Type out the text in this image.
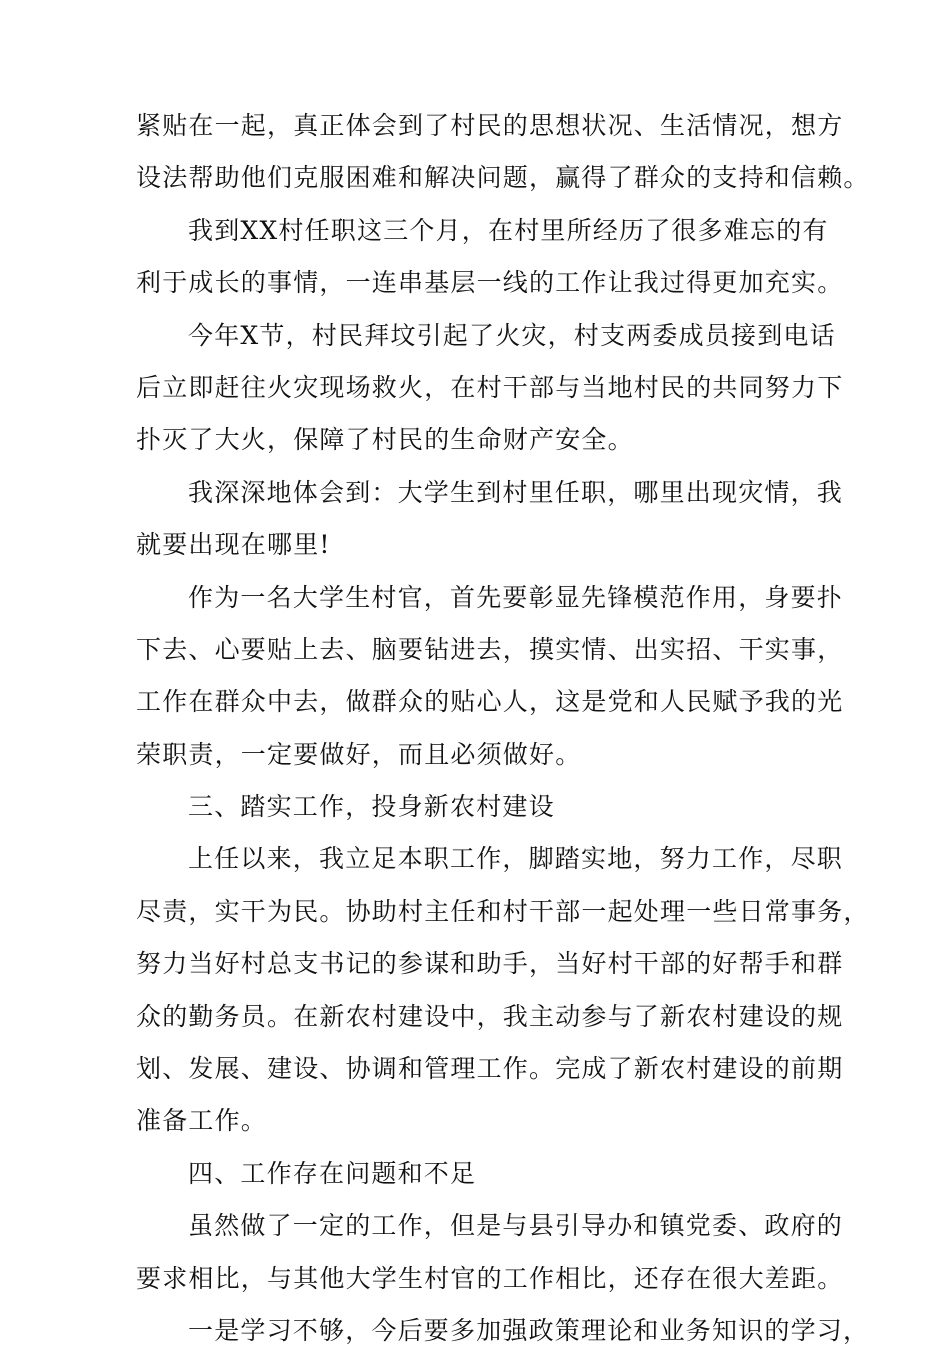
紧贴在一起，真正体会到了村民的思想状况、生活情况，想方
设法帮助他们克服困难和解决问题，赢得了群众的支持和信赖。
我到XX村任职这三个月，在村里所经历了很多难忘的有
利于成长的事情，一连串基层一线的工作让我过得更加充实。
今年X节，村民拜坟引起了火灾，村支两委成员接到电话
后立即赶往火灾现场救火，在村干部与当地村民的共同努力下
扑灭了大火，保障了村民的生命财产安全。
我深深地体会到：大学生到村里任职，哪里出现灾情，我
就要出现在哪里!
作为一名大学生村官，首先要彰显先锋模范作用，身要扑
下去、心要贴上去、脑要钻进去，摸实情、出实招、干实事，
工作在群众中去，做群众的贴心人，这是党和人民赋予我的光
荣职责，一定要做好，而且必须做好。
三、踏实工作，投身新农村建设
上任以来，我立足本职工作，脚踏实地，努力工作，尽职
尽责，实干为民。协助村主任和村干部一起处理一些日常事务，
努力当好村总支书记的参谋和助手，当好村干部的好帮手和群
众的勤务员。在新农村建设中，我主动参与了新农村建设的规
划、发展、建设、协调和管理工作。完成了新农村建设的前期
准备工作。
四、工作存在问题和不足
虽然做了一定的工作，但是与县引导办和镇党委、政府的
要求相比，与其他大学生村官的工作相比，还存在很大差距。
一是学习不够，今后要多加强政策理论和业务知识的学习，
